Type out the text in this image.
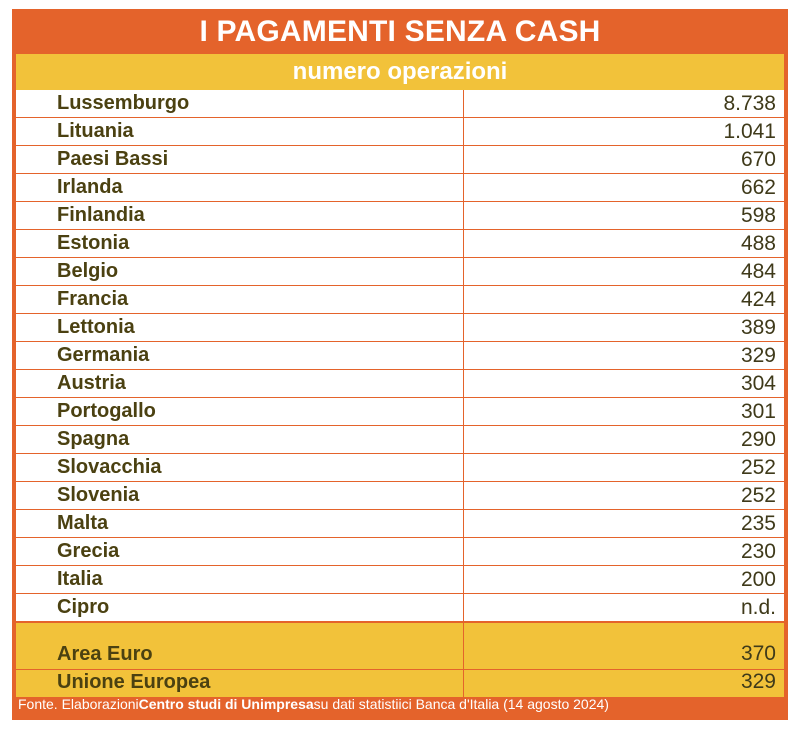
I PAGAMENTI SENZA CASH
numero operazioni
Lussemburgo	8.738
Lituania	1.041
Paesi Bassi	670
Irlanda	662
Finlandia	598
Estonia	488
Belgio	484
Francia	424
Lettonia	389
Germania	329
Austria	304
Portogallo	301
Spagna	290
Slovacchia	252
Slovenia	252
Malta	235
Grecia	230
Italia	200
Cipro	n.d.
Area Euro	370
Unione Europea	329
Fonte. Elaborazioni Centro studi di Unimpresa su dati statistiici Banca d'Italia (14 agosto 2024)
